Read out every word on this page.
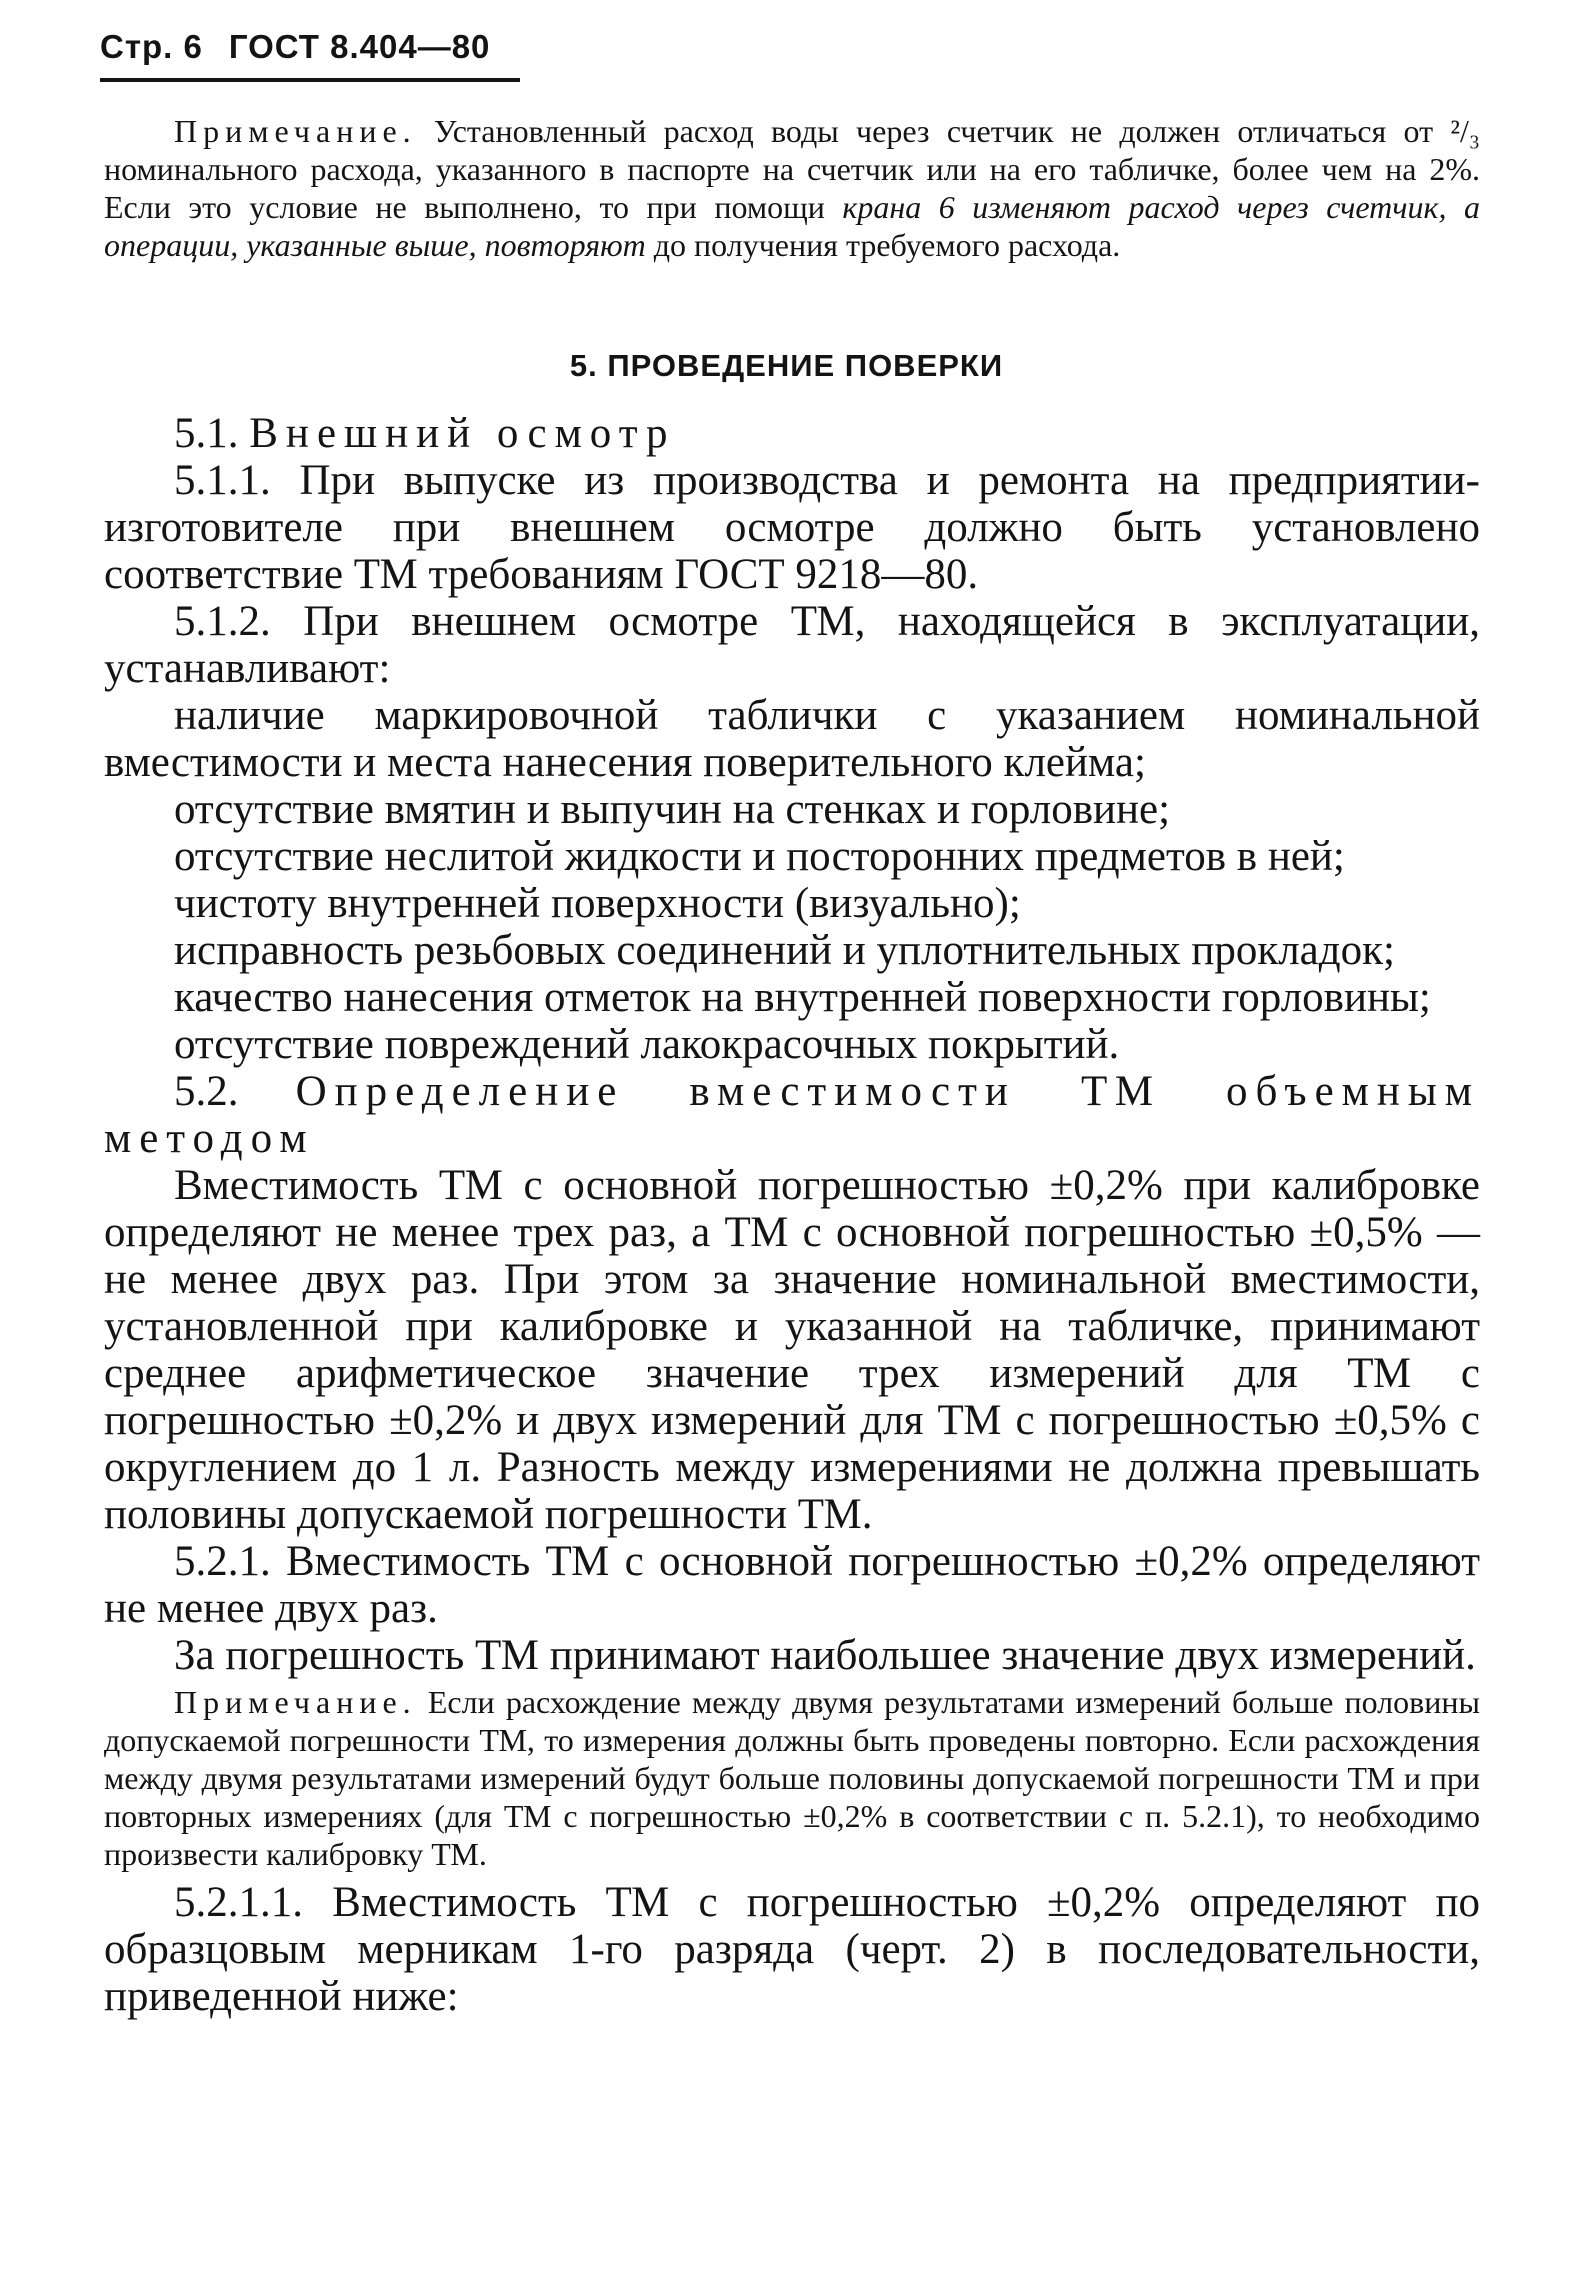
Стр. 6 ГОСТ 8.404—80

Примечание. Установленный расход воды через счетчик не должен отличаться от ²/₃ номинального расхода, указанного в паспорте на счетчик или на его табличке, более чем на 2%. Если это условие не выполнено, то при помощи крана 6 изменяют расход через счетчик, а операции, указанные выше, повторяют до получения требуемого расхода.

5. ПРОВЕДЕНИЕ ПОВЕРКИ

5.1. Внешний осмотр

5.1.1. При выпуске из производства и ремонта на предприятии-изготовителе при внешнем осмотре должно быть установлено соответствие ТМ требованиям ГОСТ 9218—80.

5.1.2. При внешнем осмотре ТМ, находящейся в эксплуатации, устанавливают:

наличие маркировочной таблички с указанием номинальной вместимости и места нанесения поверительного клейма;

отсутствие вмятин и выпучин на стенках и горловине;

отсутствие неслитой жидкости и посторонних предметов в ней;

чистоту внутренней поверхности (визуально);

исправность резьбовых соединений и уплотнительных прокладок;

качество нанесения отметок на внутренней поверхности горловины;

отсутствие повреждений лакокрасочных покрытий.

5.2. Определение вместимости ТМ объемным методом

Вместимость ТМ с основной погрешностью ±0,2% при калибровке определяют не менее трех раз, а ТМ с основной погрешностью ±0,5% — не менее двух раз. При этом за значение номинальной вместимости, установленной при калибровке и указанной на табличке, принимают среднее арифметическое значение трех измерений для ТМ с погрешностью ±0,2% и двух измерений для ТМ с погрешностью ±0,5% с округлением до 1 л. Разность между измерениями не должна превышать половины допускаемой погрешности ТМ.

5.2.1. Вместимость ТМ с основной погрешностью ±0,2% определяют не менее двух раз.

За погрешность ТМ принимают наибольшее значение двух измерений.

Примечание. Если расхождение между двумя результатами измерений больше половины допускаемой погрешности ТМ, то измерения должны быть проведены повторно. Если расхождения между двумя результатами измерений будут больше половины допускаемой погрешности ТМ и при повторных измерениях (для ТМ с погрешностью ±0,2% в соответствии с п. 5.2.1), то необходимо произвести калибровку ТМ.

5.2.1.1. Вместимость ТМ с погрешностью ±0,2% определяют по образцовым мерникам 1-го разряда (черт. 2) в последовательности, приведенной ниже:
